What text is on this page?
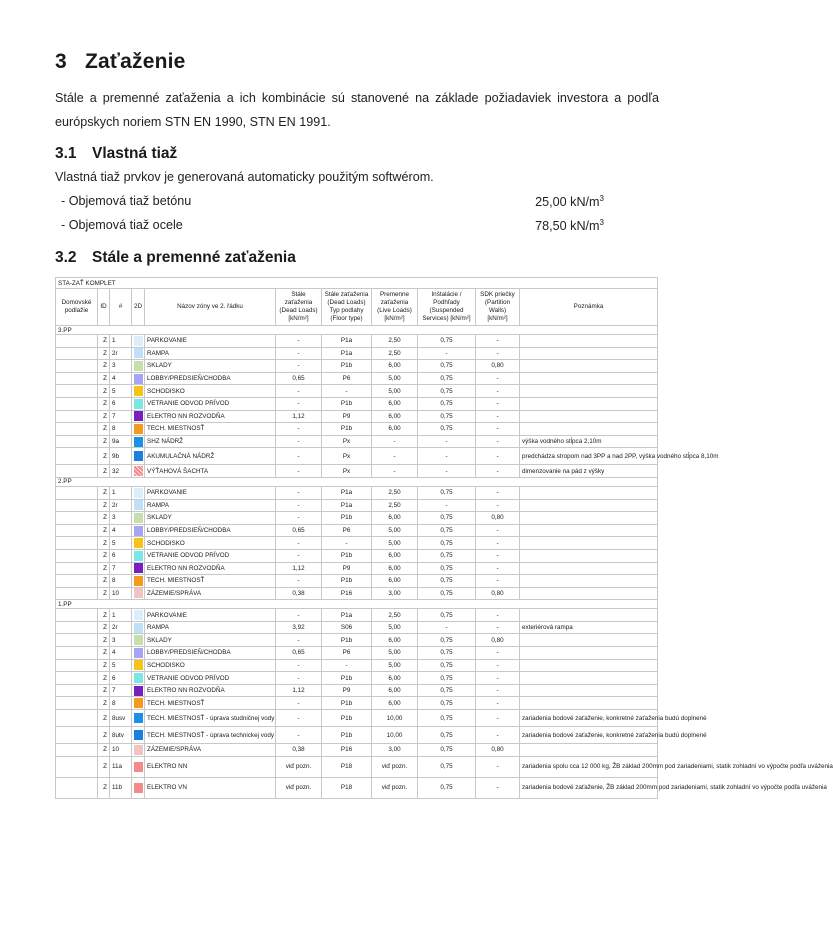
3 Zaťaženie

Stále a premenné zaťaženia a ich kombinácie sú stanovené na základe požiadaviek investora a podľa európskych noriem STN EN 1990, STN EN 1991.

3.1 Vlastná tiaž

Vlastná tiaž prvkov je generovaná automaticky použitým softwérom.

- Objemová tiaž betónu	25,00 $kN/m^3$
- Objemová tiaž ocele	78,50 $kN/m^3$
3.2 Stále a premenné zaťaženia
STA-ZAŤ KOMPLET										
Domovské podlažie	ID	#	2D	Názov zóny ve 2. řádku	Stále zaťaženia (Dead Loads) [kN/m²]	Stále zaťaženia (Dead Loads) Typ podlahy (Floor type)	Premenne zaťaženia (Live Loads) [kN/m²]	Inštalácie / Podhľady (Suspended Services) [kN/m²]	SDK priečky (Partition Walls) [kN/m²]	Poznámka
3.PP										
	Z	1		PARKOVANIE	-	P1a	2,50	0,75	-	
	Z	2r		RAMPA	-	P1a	2,50	-	-	
	Z	3		SKLADY	-	P1b	6,00	0,75	0,80	
	Z	4		LOBBY/PREDSIEŇ/CHODBA	0,65	P6	5,00	0,75	-	
	Z	5		SCHODISKO	-	-	5,00	0,75	-	
	Z	6		VETRANIE ODVOD PRÍVOD	-	P1b	6,00	0,75	-	
	Z	7		ELEKTRO NN ROZVODŇA	1,12	P9	6,00	0,75	-	
	Z	8		TECH. MIESTNOSŤ	-	P1b	6,00	0,75	-	
	Z	9a		SHZ NÁDRŽ	-	Px	-	-	-	výška vodného stĺpca 2,10m
	Z	9b		AKUMULAČNÁ NÁDRŽ	-	Px	-	-	-	predchádza stropom nad 3PP a nad 2PP, výška vodného stĺpca 8,10m
	Z	32		VÝŤAHOVÁ ŠACHTA	-	Px	-	-	-	dimenzovanie na pád z výšky
2.PP										
	Z	1		PARKOVANIE	-	P1a	2,50	0,75	-	
	Z	2r		RAMPA	-	P1a	2,50	-	-	
	Z	3		SKLADY	-	P1b	6,00	0,75	0,80	
	Z	4		LOBBY/PREDSIEŇ/CHODBA	0,65	P6	5,00	0,75	-	
	Z	5		SCHODISKO	-	-	5,00	0,75	-	
	Z	6		VETRANIE ODVOD PRÍVOD	-	P1b	6,00	0,75	-	
	Z	7		ELEKTRO NN ROZVODŇA	1,12	P9	6,00	0,75	-	
	Z	8		TECH. MIESTNOSŤ	-	P1b	6,00	0,75	-	
	Z	10		ZÁZEMIE/SPRÁVA	0,38	P16	3,00	0,75	0,80	
1.PP										
	Z	1		PARKOVANIE	-	P1a	2,50	0,75	-	
	Z	2r		RAMPA	3,92	S06	5,00	-	-	exteriérová rampa
	Z	3		SKLADY	-	P1b	6,00	0,75	0,80	
	Z	4		LOBBY/PREDSIEŇ/CHODBA	0,65	P6	5,00	0,75	-	
	Z	5		SCHODISKO	-	-	5,00	0,75	-	
	Z	6		VETRANIE ODVOD PRÍVOD	-	P1b	6,00	0,75	-	
	Z	7		ELEKTRO NN ROZVODŇA	1,12	P9	6,00	0,75	-	
	Z	8		TECH. MIESTNOSŤ	-	P1b	6,00	0,75	-	
	Z	8usv		TECH. MIESTNOSŤ - úprava studničnej vody	-	P1b	10,00	0,75	-	zariadenia bodové zaťaženie, konkretné zaťaženia budú doplnené
	Z	8utv		TECH. MIESTNOSŤ - úprava technickej vody	-	P1b	10,00	0,75	-	zariadenia bodové zaťaženie, konkretné zaťaženia budú doplnené
	Z	10		ZÁZEMIE/SPRÁVA	0,38	P16	3,00	0,75	0,80	
	Z	11a		ELEKTRO NN	viď pozn.	P18	viď pozn.	0,75	-	zariadenia spolu cca 12 000 kg, ŽB základ 200mm pod zariadeniami, statik zohladní vo výpočte podľa uváženia
	Z	11b		ELEKTRO VN	viď pozn.	P18	viď pozn.	0,75	-	zariadenia bodové zaťaženie, ŽB základ 200mm pod zariadeniami, statik zohladní vo výpočte podľa uváženia
